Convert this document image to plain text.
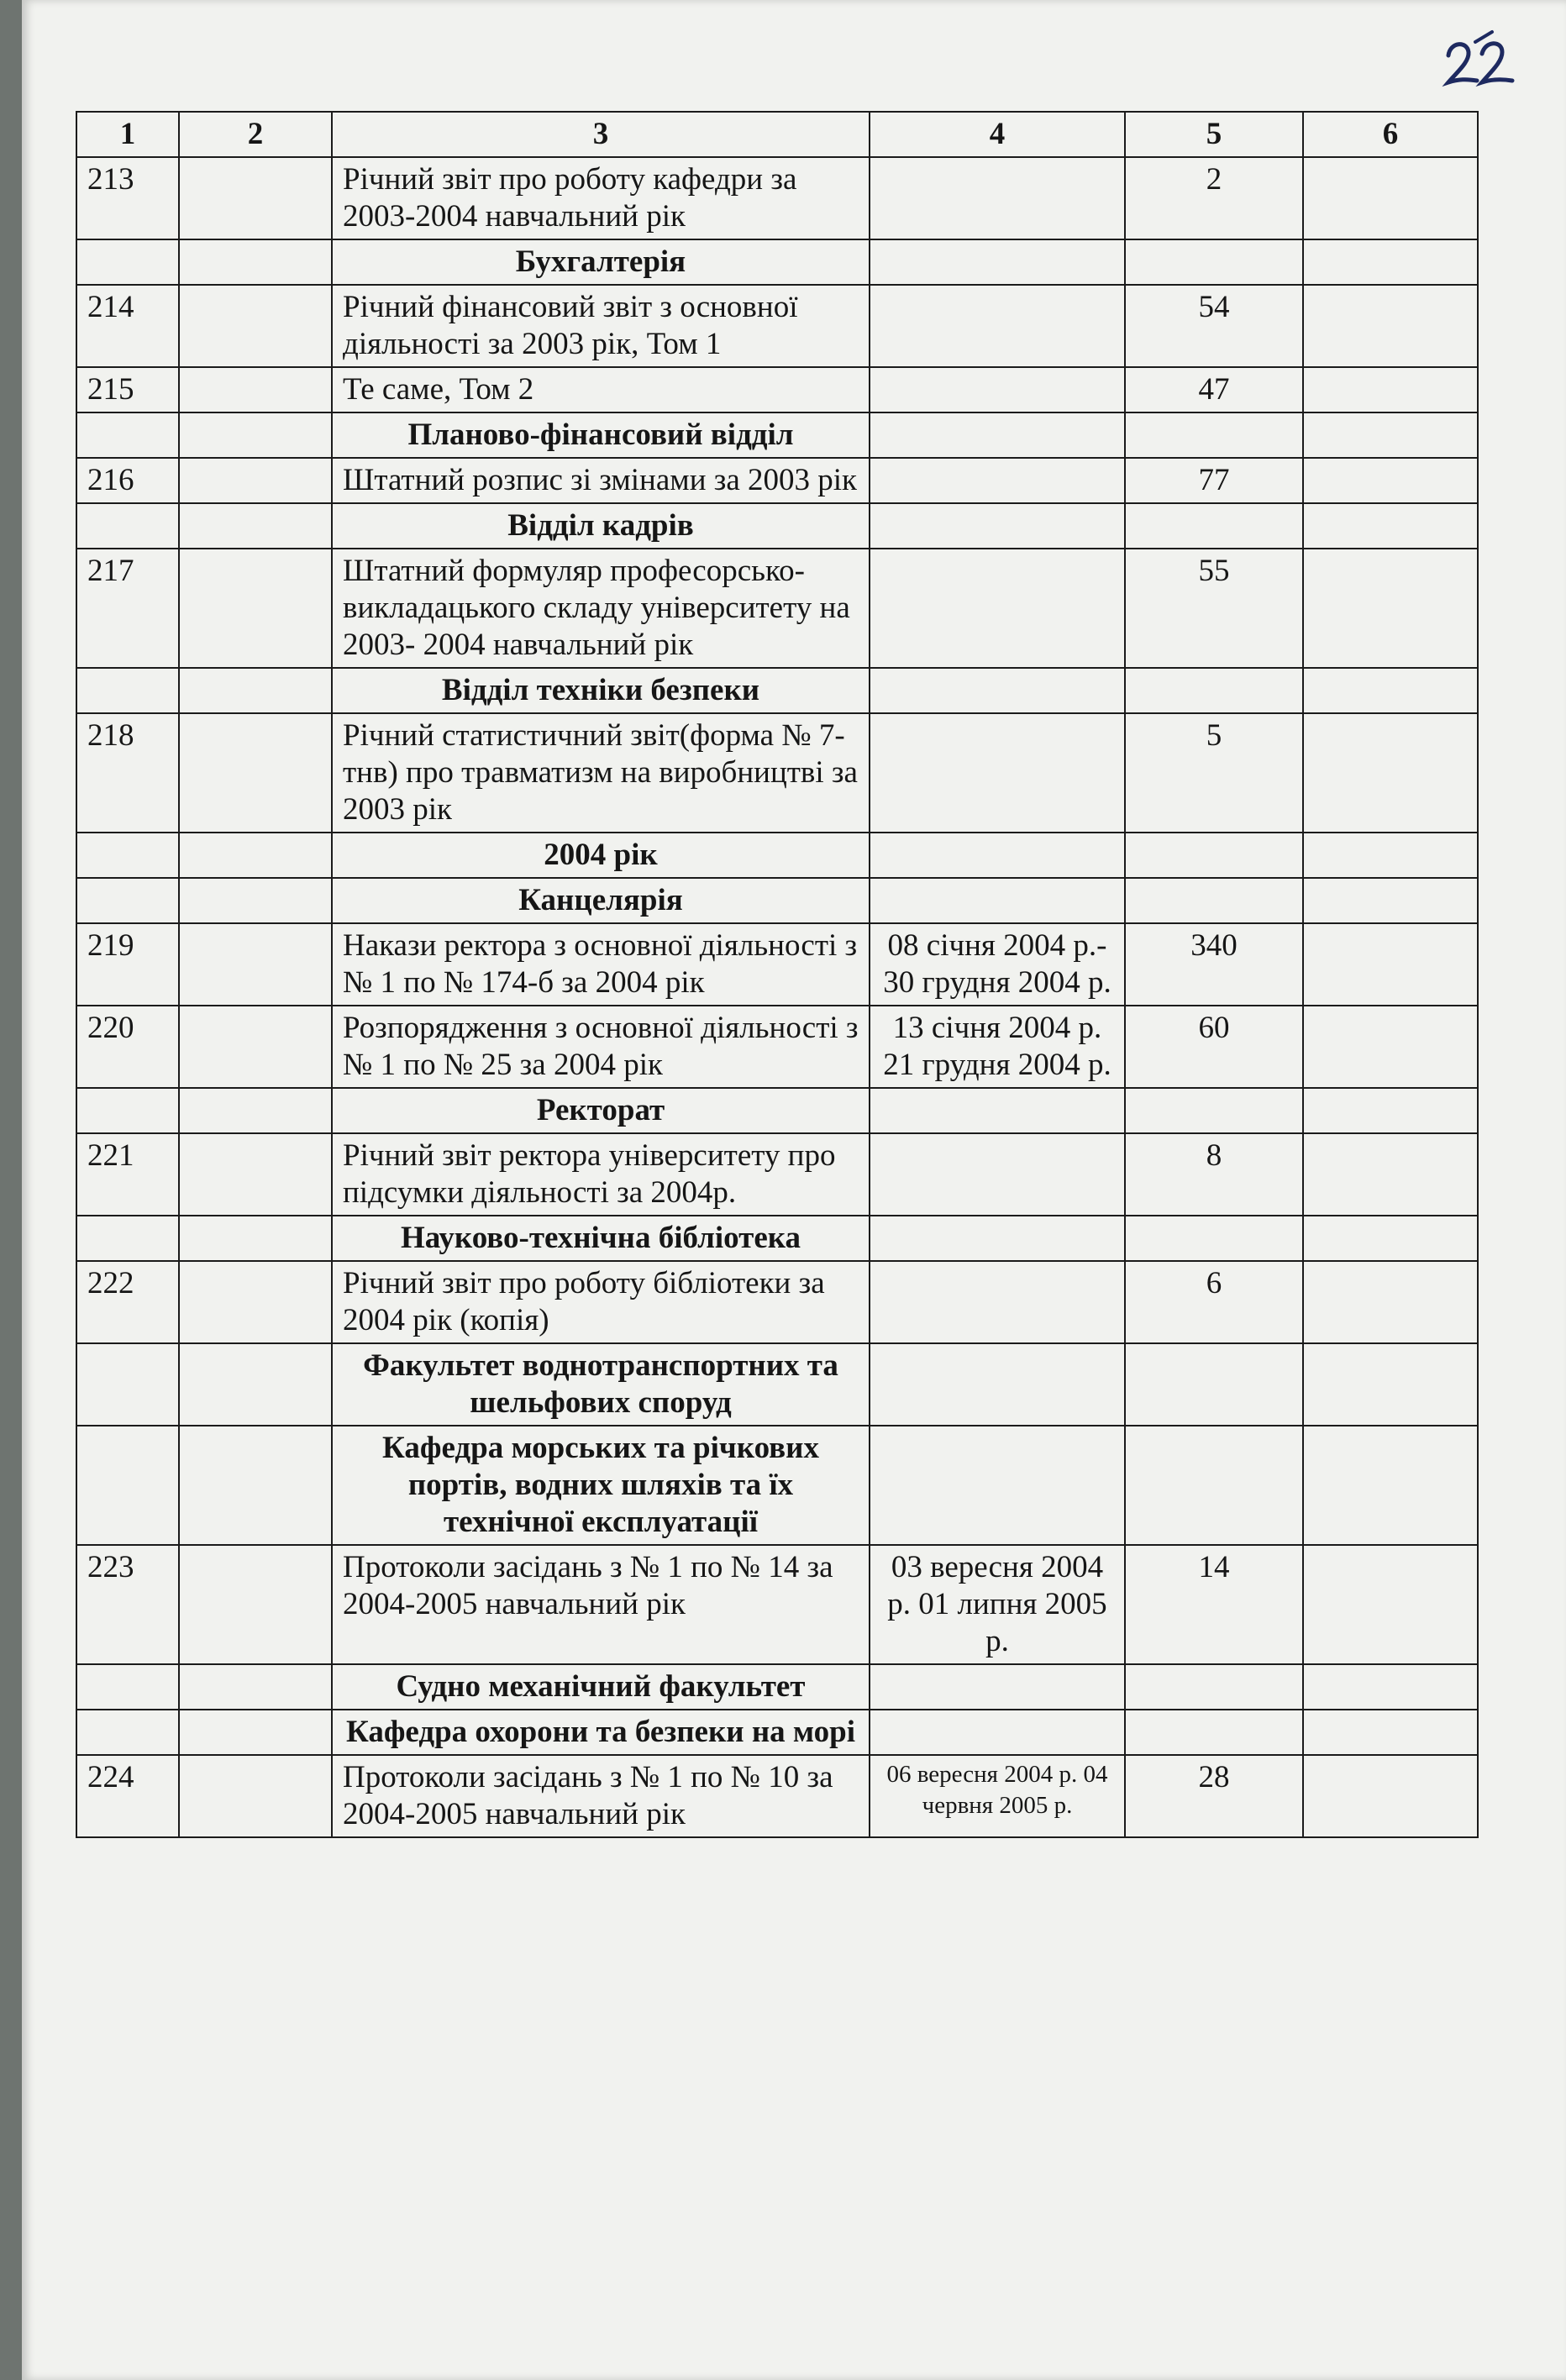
1	2	3	4	5	6
213		Річний звіт про роботу кафедри за 2003-2004 навчальний рік		2	
		Бухгалтерія			
214		Річний фінансовий звіт з основної діяльності за 2003 рік, Том 1		54	
215		Те саме, Том 2		47	
		Планово-фінансовий відділ			
216		Штатний розпис зі змінами за 2003 рік		77	
		Відділ кадрів			
217		Штатний формуляр професорсько-викладацького складу університету на 2003- 2004 навчальний рік		55	
		Відділ техніки безпеки			
218		Річний статистичний звіт(форма № 7-тнв) про травматизм на виробництві за 2003 рік		5	
		2004 рік			
		Канцелярія			
219		Накази ректора з основної діяльності з № 1 по № 174-б за 2004 рік	08 січня 2004 р.- 30 грудня 2004 р.	340	
220		Розпорядження з основної діяльності з № 1 по № 25 за 2004 рік	13 січня 2004 р. 21 грудня 2004 р.	60	
		Ректорат			
221		Річний звіт ректора університету про підсумки діяльності за 2004р.		8	
		Науково-технічна бібліотека			
222		Річний звіт про роботу бібліотеки за 2004 рік (копія)		6	
		Факультет воднотранспортних та шельфових споруд			
		Кафедра морських та річкових портів, водних шляхів та їх технічної експлуатації			
223		Протоколи засідань з № 1 по № 14 за 2004-2005 навчальний рік	03 вересня 2004 р. 01 липня 2005 р.	14	
		Судно механічний факультет			
		Кафедра охорони та безпеки на морі			
224		Протоколи засідань з № 1 по № 10 за 2004-2005 навчальний рік	06 вересня 2004 р. 04 червня 2005 р.	28	
